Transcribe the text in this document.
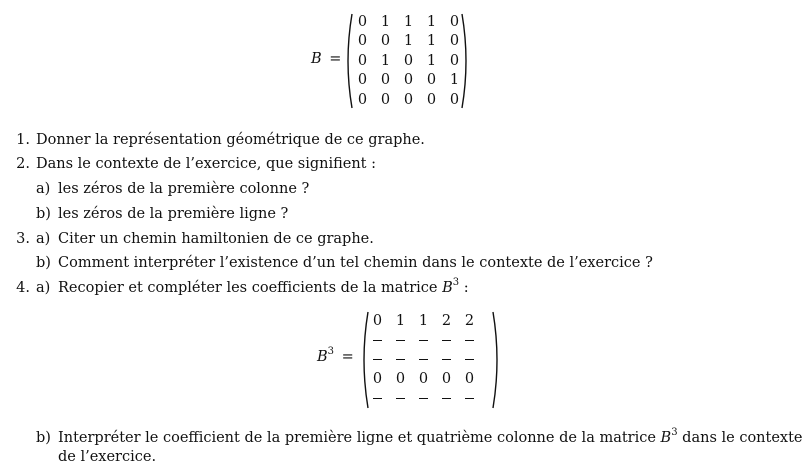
B =
0 1 1 1 0
0 0 1 1 0
0 1 0 1 0
0 0 0 0 1
0 0 0 0 0
1. Donner la représentation géométrique de ce graphe.
2. Dans le contexte de l’exercice, que signifient :
a) les zéros de la première colonne ?
b) les zéros de la première ligne ?
3. a) Citer un chemin hamiltonien de ce graphe.
b) Comment interpréter l’existence d’un tel chemin dans le contexte de l’exercice ?
4. a) Recopier et compléter les coefficients de la matrice $B^3$ :
$B^3$ =
0 1 1 2 2
0 0 0 0 0
b) Interpréter le coefficient de la première ligne et quatrième colonne de la matrice $B^3$ dans le contexte
de l’exercice.
